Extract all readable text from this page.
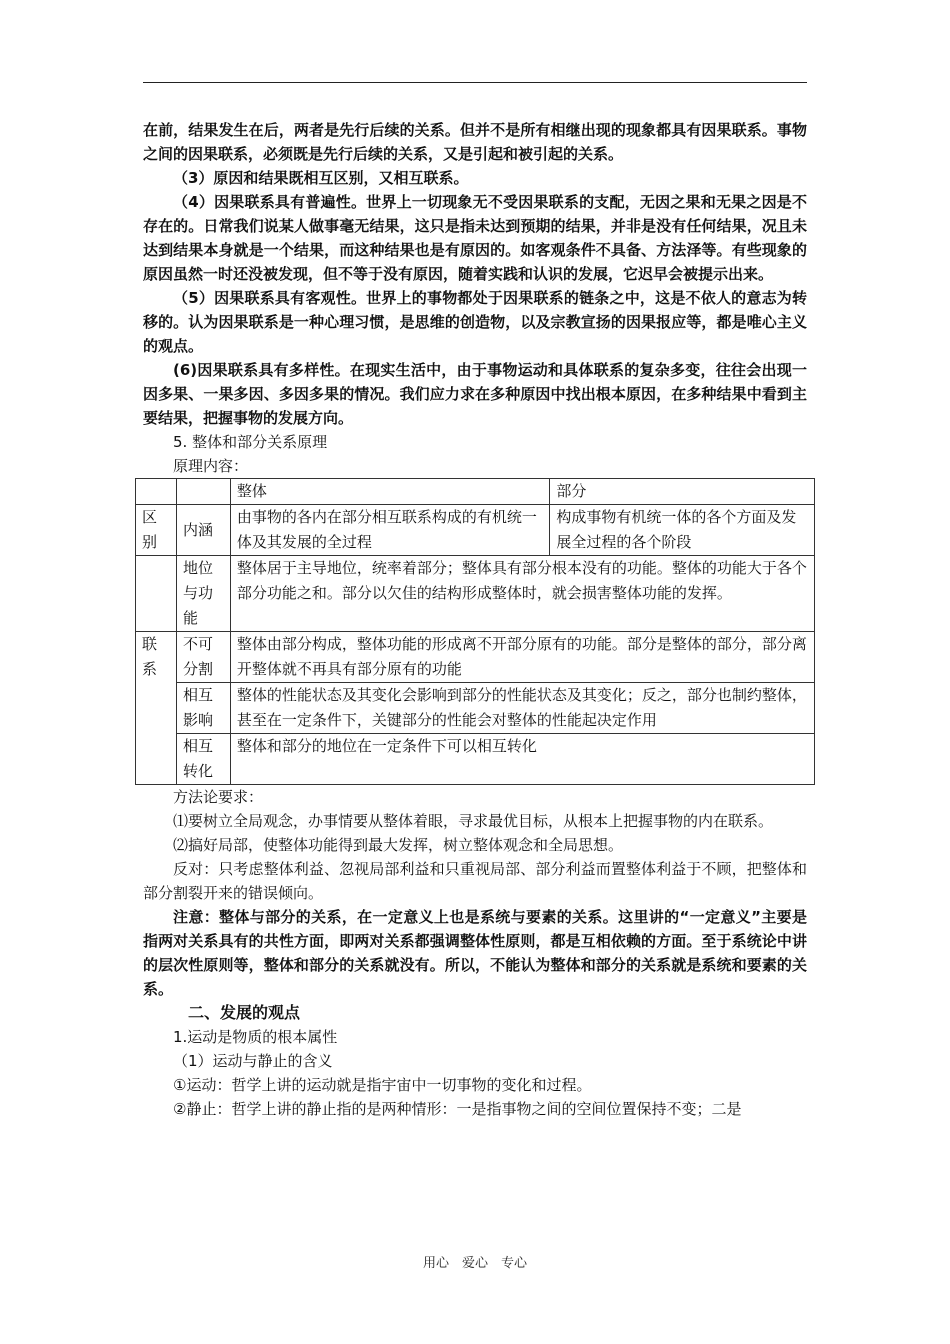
在前，结果发生在后，两者是先行后续的关系。但并不是所有相继出现的现象都具有因果联系。事物之间的因果联系，必须既是先行后续的关系，又是引起和被引起的关系。

（3）原因和结果既相互区别，又相互联系。

（4）因果联系具有普遍性。世界上一切现象无不受因果联系的支配，无因之果和无果之因是不存在的。日常我们说某人做事毫无结果，这只是指未达到预期的结果，并非是没有任何结果，况且未达到结果本身就是一个结果，而这种结果也是有原因的。如客观条件不具备、方法泽等。有些现象的原因虽然一时还没被发现，但不等于没有原因，随着实践和认识的发展，它迟早会被提示出来。

（5）因果联系具有客观性。世界上的事物都处于因果联系的链条之中，这是不依人的意志为转移的。认为因果联系是一种心理习惯，是思维的创造物，以及宗教宣扬的因果报应等，都是唯心主义的观点。

(6)因果联系具有多样性。在现实生活中，由于事物运动和具体联系的复杂多变，往往会出现一因多果、一果多因、多因多果的情况。我们应力求在多种原因中找出根本原因，在多种结果中看到主要结果，把握事物的发展方向。

5. 整体和部分关系原理

原理内容：

		整体	部分
区别	内涵	由事物的各内在部分相互联系构成的有机统一体及其发展的全过程	构成事物有机统一体的各个方面及发展全过程的各个阶段
	地位与功能	整体居于主导地位，统率着部分；整体具有部分根本没有的功能。整体的功能大于各个部分功能之和。部分以欠佳的结构形成整体时，就会损害整体功能的发挥。	
联系	不可分割	整体由部分构成，整体功能的形成离不开部分原有的功能。部分是整体的部分，部分离开整体就不再具有部分原有的功能	
	相互影响	整体的性能状态及其变化会影响到部分的性能状态及其变化；反之，部分也制约整体，甚至在一定条件下，关键部分的性能会对整体的性能起决定作用	
	相互转化	整体和部分的地位在一定条件下可以相互转化	

方法论要求：

⑴要树立全局观念，办事情要从整体着眼，寻求最优目标，从根本上把握事物的内在联系。

⑵搞好局部，使整体功能得到最大发挥，树立整体观念和全局思想。

反对：只考虑整体利益、忽视局部利益和只重视局部、部分利益而置整体利益于不顾，把整体和部分割裂开来的错误倾向。

注意：整体与部分的关系，在一定意义上也是系统与要素的关系。这里讲的“一定意义”主要是指两对关系具有的共性方面，即两对关系都强调整体性原则，都是互相依赖的方面。至于系统论中讲的层次性原则等，整体和部分的关系就没有。所以，不能认为整体和部分的关系就是系统和要素的关系。

二、发展的观点

1.运动是物质的根本属性

（1）运动与静止的含义

①运动：哲学上讲的运动就是指宇宙中一切事物的变化和过程。

②静止：哲学上讲的静止指的是两种情形：一是指事物之间的空间位置保持不变；二是

用心　爱心　专心
